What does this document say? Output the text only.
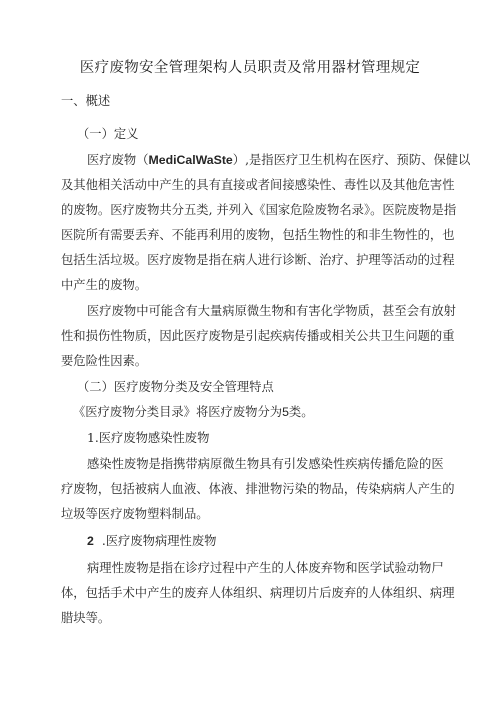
医疗废物安全管理架构人员职责及常用器材管理规定
一、概述
（一）定义
医疗废物（MediCalWaSte）,是指医疗卫生机构在医疗、预防、保健以
及其他相关活动中产生的具有直接或者间接感染性、毒性以及其他危害性
的废物。医疗废物共分五类, 并列入《国家危险废物名录》。医院废物是指
医院所有需要丢弃、不能再利用的废物，包括生物性的和非生物性的，也
包括生活垃圾。医疗废物是指在病人进行诊断、治疗、护理等活动的过程
中产生的废物。
医疗废物中可能含有大量病原微生物和有害化学物质，甚至会有放射
性和损伤性物质，因此医疗废物是引起疾病传播或相关公共卫生问题的重
要危险性因素。
（二）医疗废物分类及安全管理特点
《医疗废物分类目录》将医疗废物分为5类。
1.医疗废物感染性废物
感染性废物是指携带病原微生物具有引发感染性疾病传播危险的医
疗废物，包括被病人血液、体液、排泄物污染的物品，传染病病人产生的
垃圾等医疗废物塑料制品。
2 .医疗废物病理性废物
病理性废物是指在诊疗过程中产生的人体废弃物和医学试验动物尸
体，包括手术中产生的废弃人体组织、病理切片后废弃的人体组织、病理
腊块等。
